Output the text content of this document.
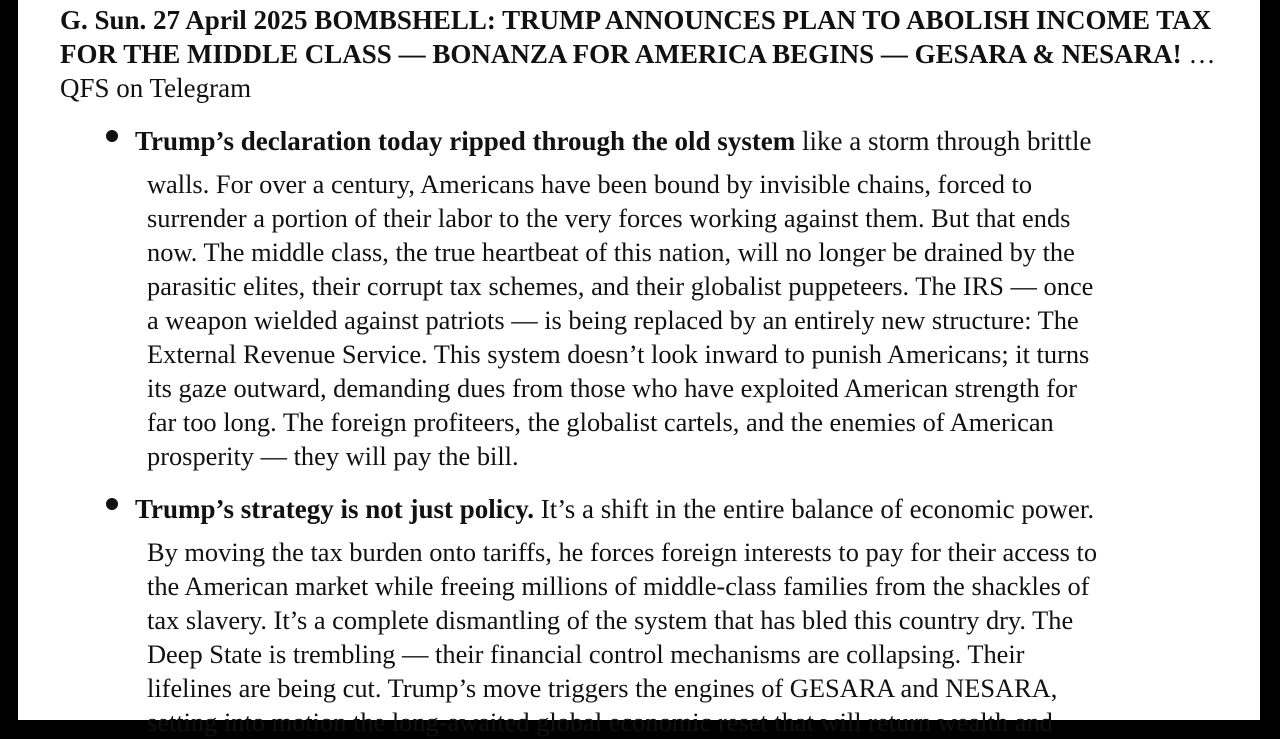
G. Sun. 27 April 2025 BOMBSHELL: TRUMP ANNOUNCES PLAN TO ABOLISH INCOME TAX FOR THE MIDDLE CLASS — BONANZA FOR AMERICA BEGINS — GESARA & NESARA! …QFS on Telegram

Trump’s declaration today ripped through the old system like a storm through brittle
walls. For over a century, Americans have been bound by invisible chains, forced to
surrender a portion of their labor to the very forces working against them. But that ends
now. The middle class, the true heartbeat of this nation, will no longer be drained by the
parasitic elites, their corrupt tax schemes, and their globalist puppeteers. The IRS — once
a weapon wielded against patriots — is being replaced by an entirely new structure: The
External Revenue Service. This system doesn’t look inward to punish Americans; it turns
its gaze outward, demanding dues from those who have exploited American strength for
far too long. The foreign profiteers, the globalist cartels, and the enemies of American
prosperity — they will pay the bill.
Trump’s strategy is not just policy. It’s a shift in the entire balance of economic power.
By moving the tax burden onto tariffs, he forces foreign interests to pay for their access to
the American market while freeing millions of middle-class families from the shackles of
tax slavery. It’s a complete dismantling of the system that has bled this country dry. The
Deep State is trembling — their financial control mechanisms are collapsing. Their
lifelines are being cut. Trump’s move triggers the engines of GESARA and NESARA,
setting into motion the long-awaited global economic reset that will return wealth and
